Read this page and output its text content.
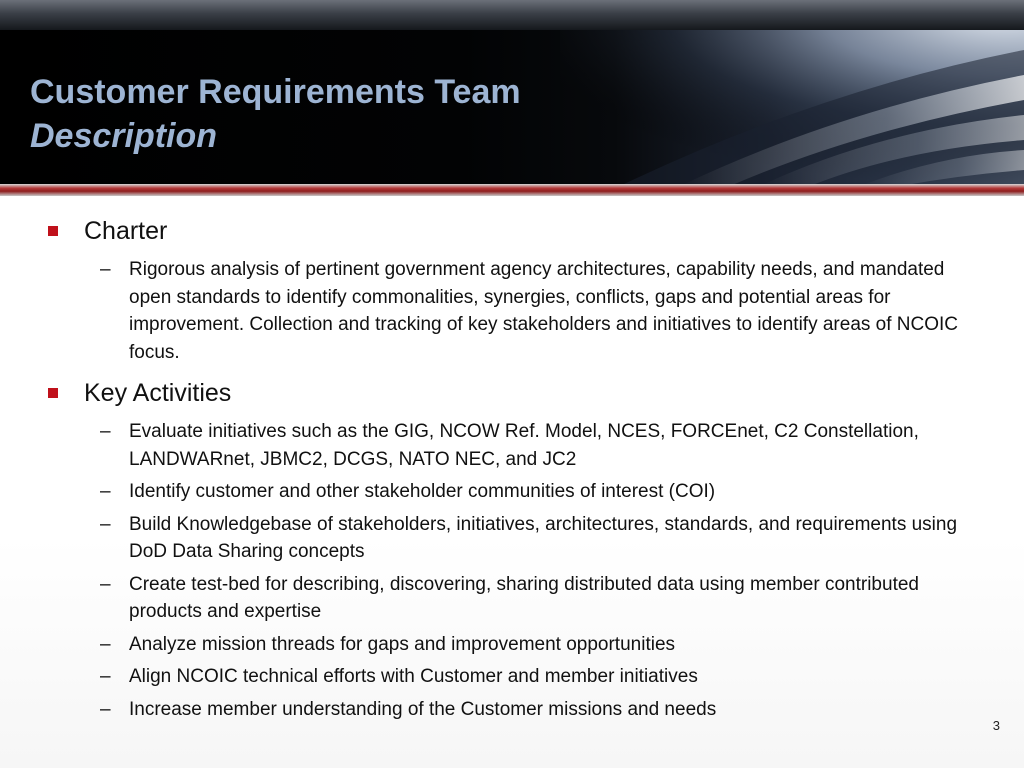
Customer Requirements Team
Description
Charter
– Rigorous analysis of pertinent government agency architectures, capability needs, and mandated open standards to identify commonalities, synergies, conflicts, gaps and potential areas for improvement. Collection and tracking of key stakeholders and initiatives to identify areas of NCOIC focus.
Key Activities
– Evaluate initiatives such as the GIG, NCOW Ref. Model, NCES, FORCEnet, C2 Constellation, LANDWARnet, JBMC2, DCGS, NATO NEC, and JC2
– Identify customer and other stakeholder communities of interest (COI)
– Build Knowledgebase of stakeholders, initiatives, architectures, standards, and requirements using DoD Data Sharing concepts
– Create test-bed for describing, discovering, sharing distributed data using member contributed products and expertise
– Analyze mission threads for gaps and improvement opportunities
– Align NCOIC technical efforts with Customer and member initiatives
– Increase member understanding of the Customer missions and needs
3
